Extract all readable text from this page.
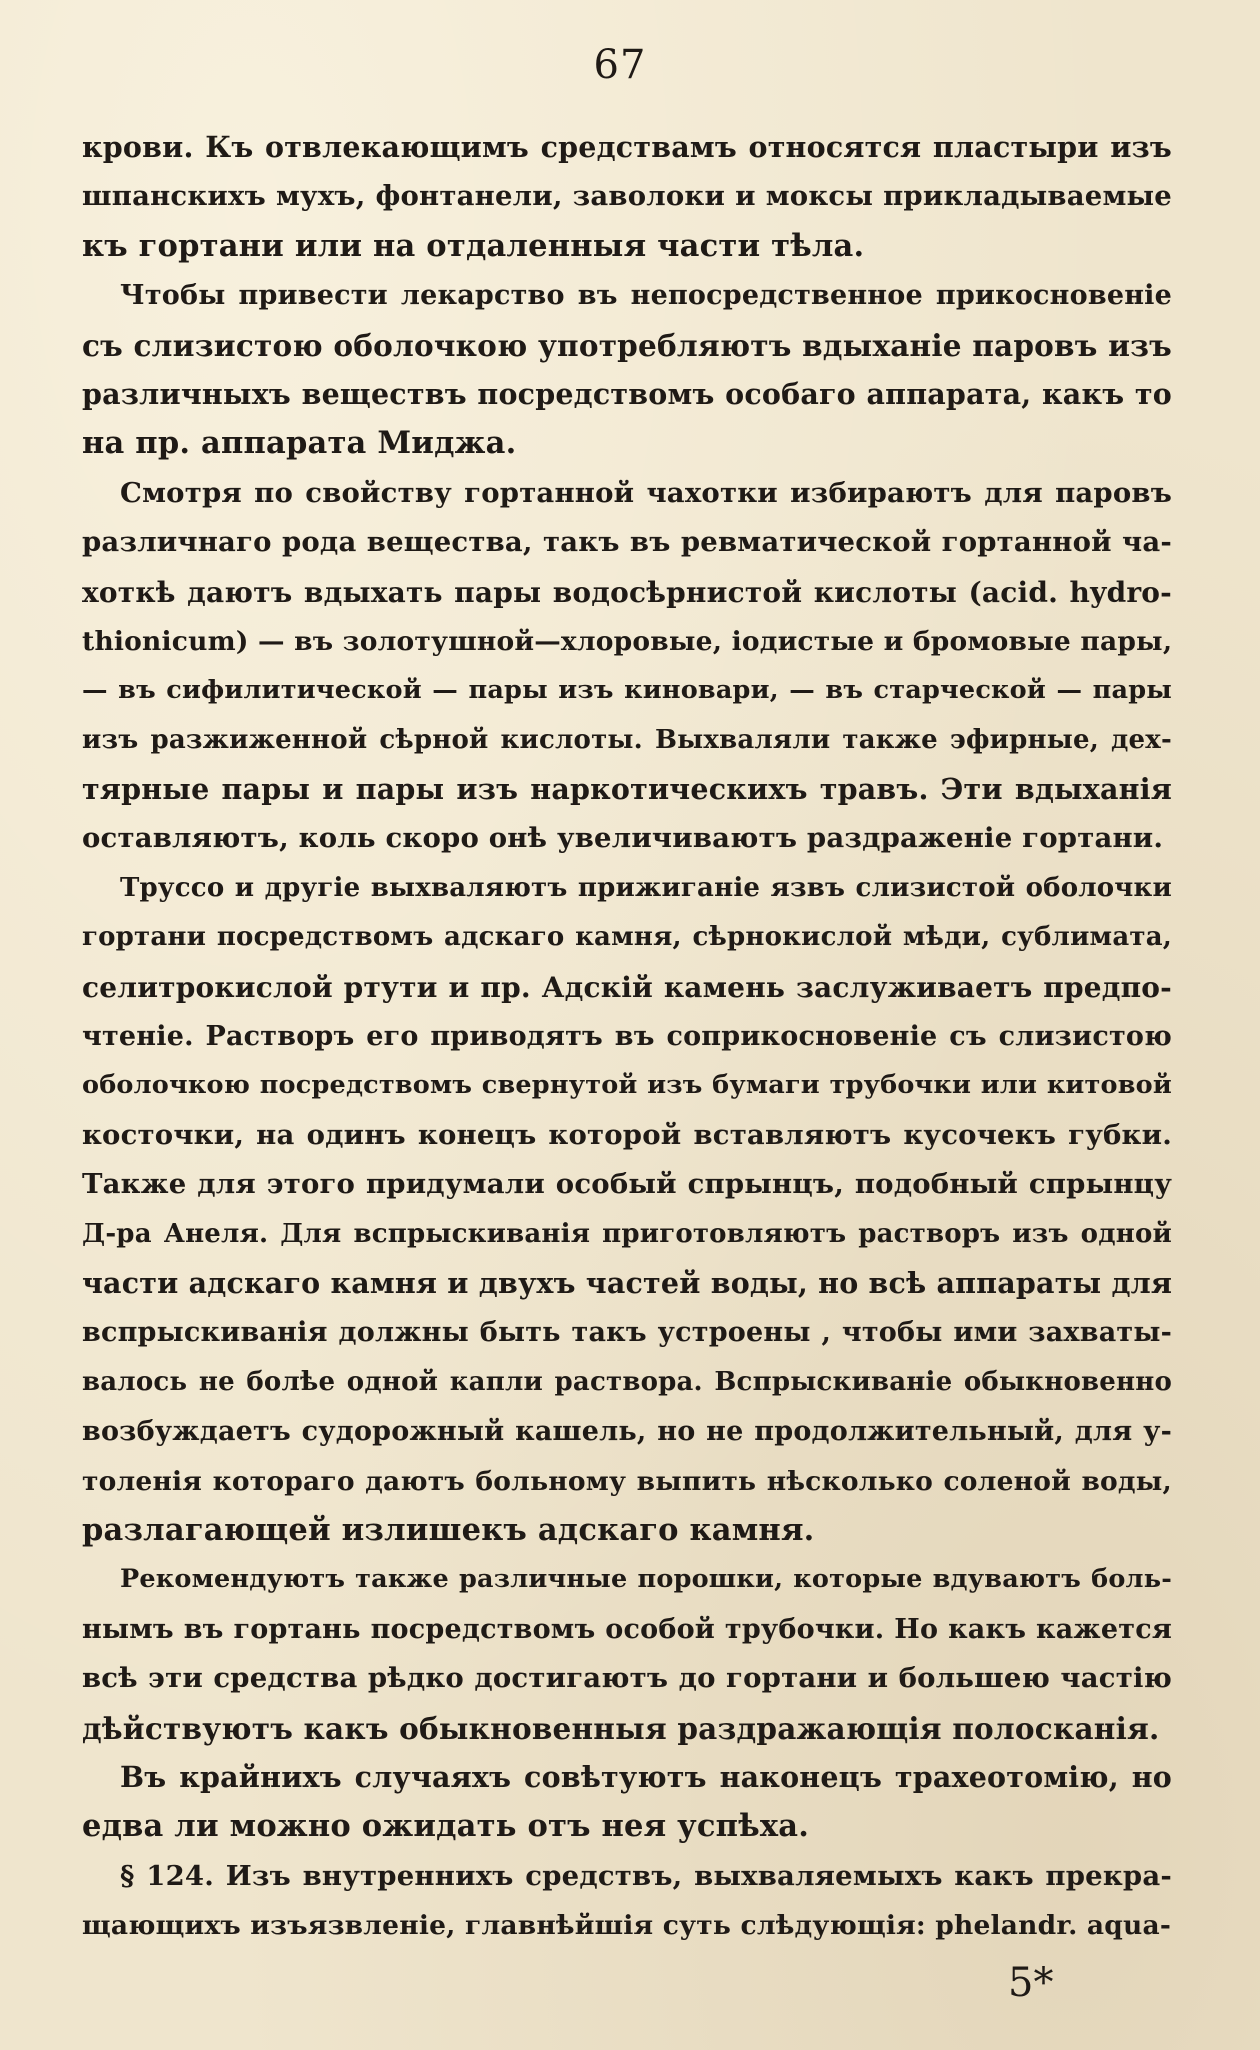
67
крови. Къ отвлекающимъ средствамъ относятся пластыри изъ
шпанскихъ мухъ, фонтанели, заволоки и моксы прикладываемые
къ гортани или на отдаленныя части тѣла.
Чтобы привести лекарство въ непосредственное прикосновеніе
съ слизистою оболочкою употребляютъ вдыханіе паровъ изъ
различныхъ веществъ посредствомъ особаго аппарата, какъ то
на пр. аппарата Миджа.
Смотря по свойству гортанной чахотки избираютъ для паровъ
различнаго рода вещества, такъ въ ревматической гортанной ча-
хоткѣ даютъ вдыхать пары водосѣрнистой кислоты (acid. hydro-
thionicum) — въ золотушной—хлоровые, іодистые и бромовые пары,
— въ сифилитической — пары изъ киновари, — въ старческой — пары
изъ разжиженной сѣрной кислоты. Выхваляли также эфирные, дех-
тярные пары и пары изъ наркотическихъ травъ. Эти вдыханія
оставляютъ, коль скоро онѣ увеличиваютъ раздраженіе гортани.
Труссо и другіе выхваляютъ прижиганіе язвъ слизистой оболочки
гортани посредствомъ адскаго камня, сѣрнокислой мѣди, сублимата,
селитрокислой ртути и пр. Адскій камень заслуживаетъ предпо-
чтеніе. Растворъ его приводятъ въ соприкосновеніе съ слизистою
оболочкою посредствомъ свернутой изъ бумаги трубочки или китовой
косточки, на одинъ конецъ которой вставляютъ кусочекъ губки.
Также для этого придумали особый спрынцъ, подобный спрынцу
Д-ра Анеля. Для вспрыскиванія приготовляютъ растворъ изъ одной
части адскаго камня и двухъ частей воды, но всѣ аппараты для
вспрыскиванія должны быть такъ устроены , чтобы ими захваты-
валось не болѣе одной капли раствора. Вспрыскиваніе обыкновенно
возбуждаетъ судорожный кашель, но не продолжительный, для у-
толенія котораго даютъ больному выпить нѣсколько соленой воды,
разлагающей излишекъ адскаго камня.
Рекомендуютъ также различные порошки, которые вдуваютъ боль-
нымъ въ гортань посредствомъ особой трубочки. Но какъ кажется
всѣ эти средства рѣдко достигаютъ до гортани и большею частію
дѣйствуютъ какъ обыкновенныя раздражающія полосканія.
Въ крайнихъ случаяхъ совѣтуютъ наконецъ трахеотомію, но
едва ли можно ожидать отъ нея успѣха.
§ 124. Изъ внутреннихъ средствъ, выхваляемыхъ какъ прекра-
щающихъ изъязвленіе, главнѣйшія суть слѣдующія: phelandr. aqua-
5*
